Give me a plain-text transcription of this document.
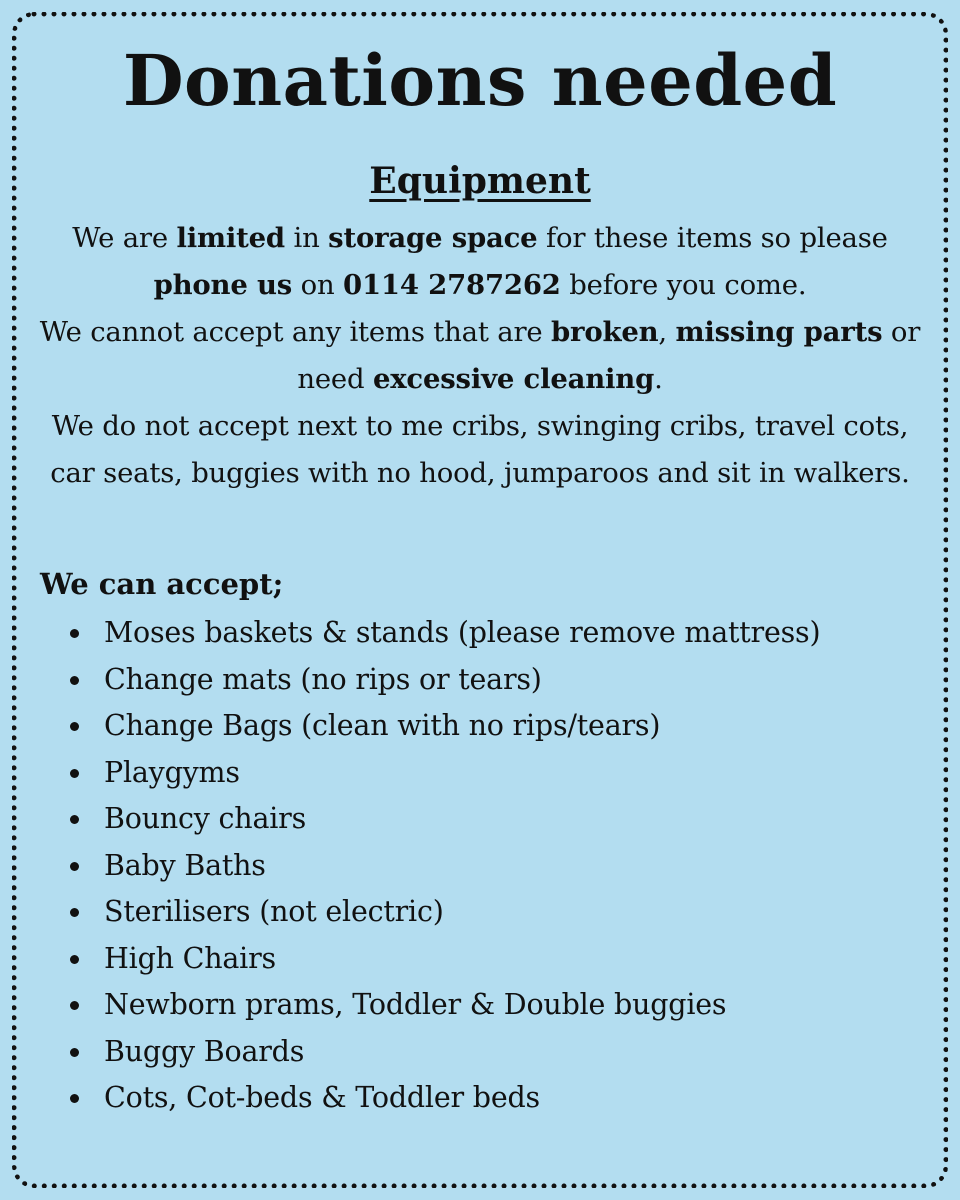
Donations needed
Equipment

We are limited in storage space for these items so please phone us on 0114 2787262 before you come.
We cannot accept any items that are broken, missing parts or need excessive cleaning.
We do not accept next to me cribs, swinging cribs, travel cots, car seats, buggies with no hood, jumparoos and sit in walkers.

We can accept;
Moses baskets & stands (please remove mattress)
Change mats (no rips or tears)
Change Bags (clean with no rips/tears)
Playgyms
Bouncy chairs
Baby Baths
Sterilisers (not electric)
High Chairs
Newborn prams, Toddler & Double buggies
Buggy Boards
Cots, Cot-beds & Toddler beds
